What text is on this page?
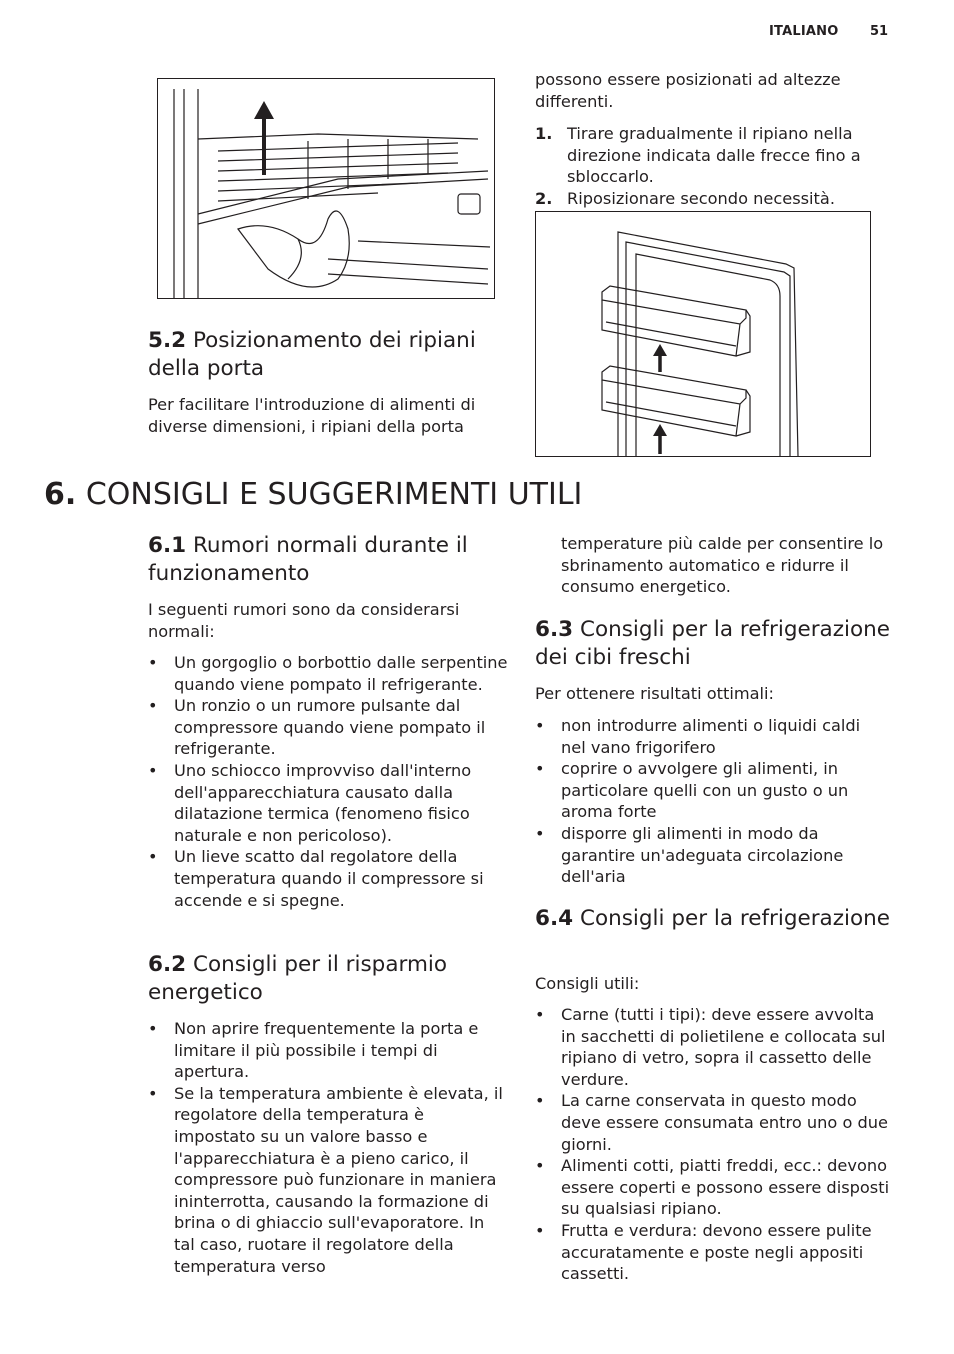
ITALIANO 51
5.2 Posizionamento dei ripiani della porta

Per facilitare l'introduzione di alimenti di diverse dimensioni, i ripiani della porta

possono essere posizionati ad altezze differenti.

1. Tirare gradualmente il ripiano nella direzione indicata dalle frecce fino a sbloccarlo.
2. Riposizionare secondo necessità.
6. CONSIGLI E SUGGERIMENTI UTILI
6.1 Rumori normali durante il funzionamento

I seguenti rumori sono da considerarsi normali:

• Un gorgoglio o borbottio dalle serpentine quando viene pompato il refrigerante.
• Un ronzio o un rumore pulsante dal compressore quando viene pompato il refrigerante.
• Uno schiocco improvviso dall'interno dell'apparecchiatura causato dalla dilatazione termica (fenomeno fisico naturale e non pericoloso).
• Un lieve scatto dal regolatore della temperatura quando il compressore si accende e si spegne.
6.2 Consigli per il risparmio energetico
• Non aprire frequentemente la porta e limitare il più possibile i tempi di apertura.
• Se la temperatura ambiente è elevata, il regolatore della temperatura è impostato su un valore basso e l'apparecchiatura è a pieno carico, il compressore può funzionare in maniera ininterrotta, causando la formazione di brina o di ghiaccio sull'evaporatore. In tal caso, ruotare il regolatore della temperatura verso

temperature più calde per consentire lo sbrinamento automatico e ridurre il consumo energetico.

6.3 Consigli per la refrigerazione dei cibi freschi

Per ottenere risultati ottimali:

• non introdurre alimenti o liquidi caldi nel vano frigorifero
• coprire o avvolgere gli alimenti, in particolare quelli con un gusto o un aroma forte
• disporre gli alimenti in modo da garantire un'adeguata circolazione dell'aria
6.4 Consigli per la refrigerazione

Consigli utili:

• Carne (tutti i tipi): deve essere avvolta in sacchetti di polietilene e collocata sul ripiano di vetro, sopra il cassetto delle verdure.
• La carne conservata in questo modo deve essere consumata entro uno o due giorni.
• Alimenti cotti, piatti freddi, ecc.: devono essere coperti e possono essere disposti su qualsiasi ripiano.
• Frutta e verdura: devono essere pulite accuratamente e poste negli appositi cassetti.
